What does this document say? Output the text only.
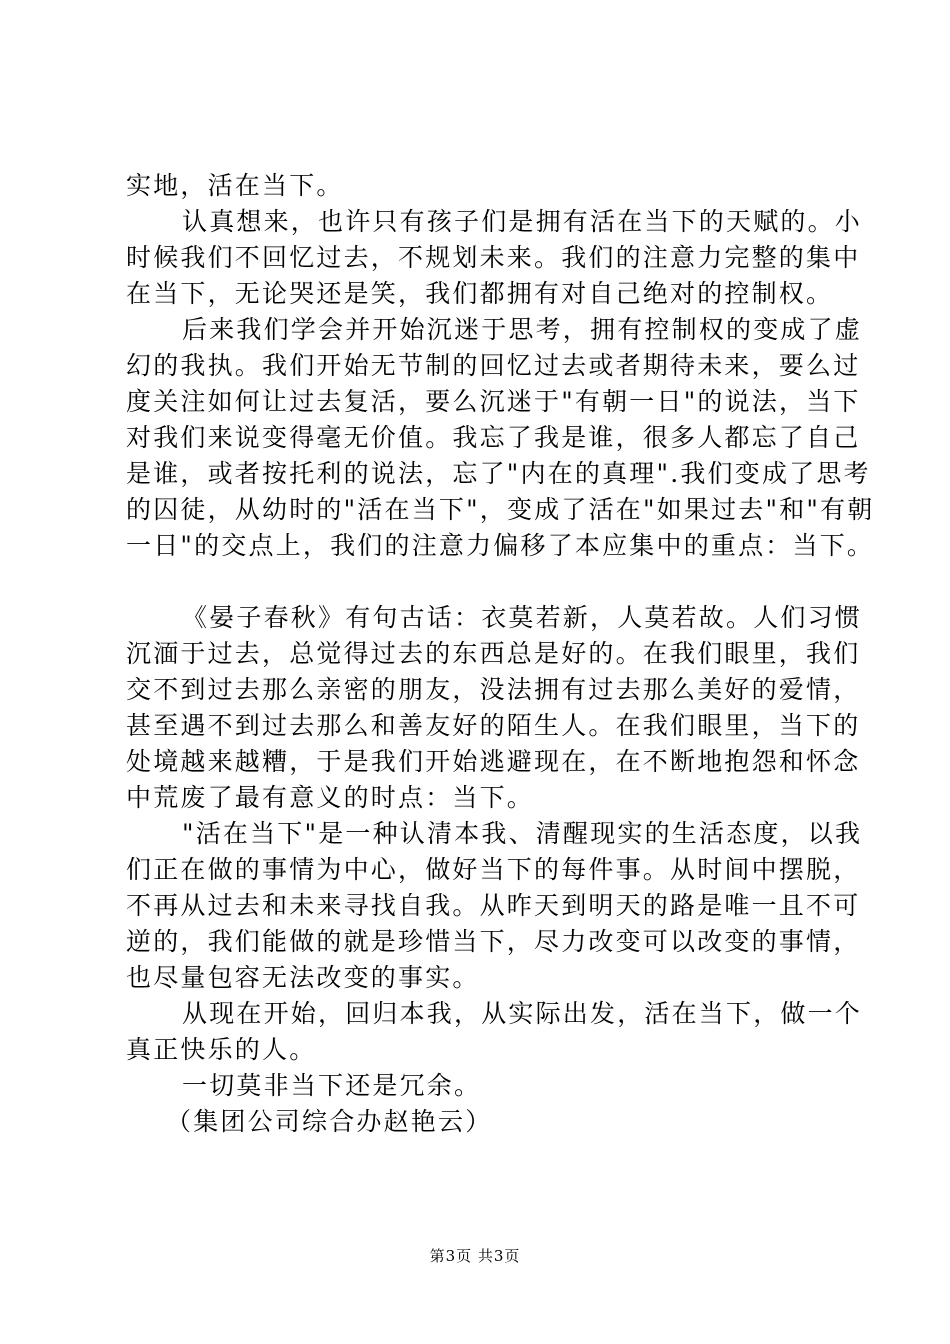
实地，活在当下。
认真想来，也许只有孩子们是拥有活在当下的天赋的。小
时候我们不回忆过去，不规划未来。我们的注意力完整的集中
在当下，无论哭还是笑，我们都拥有对自己绝对的控制权。
后来我们学会并开始沉迷于思考，拥有控制权的变成了虚
幻的我执。我们开始无节制的回忆过去或者期待未来，要么过
度关注如何让过去复活，要么沉迷于"有朝一日"的说法，当下
对我们来说变得毫无价值。我忘了我是谁，很多人都忘了自己
是谁，或者按托利的说法，忘了"内在的真理".我们变成了思考
的囚徒，从幼时的"活在当下"，变成了活在"如果过去"和"有朝
一日"的交点上，我们的注意力偏移了本应集中的重点：当下。
《晏子春秋》有句古话：衣莫若新，人莫若故。人们习惯
沉湎于过去，总觉得过去的东西总是好的。在我们眼里，我们
交不到过去那么亲密的朋友，没法拥有过去那么美好的爱情，
甚至遇不到过去那么和善友好的陌生人。在我们眼里，当下的
处境越来越糟，于是我们开始逃避现在，在不断地抱怨和怀念
中荒废了最有意义的时点：当下。
"活在当下"是一种认清本我、清醒现实的生活态度，以我
们正在做的事情为中心，做好当下的每件事。从时间中摆脱，
不再从过去和未来寻找自我。从昨天到明天的路是唯一且不可
逆的，我们能做的就是珍惜当下，尽力改变可以改变的事情，
也尽量包容无法改变的事实。
从现在开始，回归本我，从实际出发，活在当下，做一个
真正快乐的人。
一切莫非当下还是冗余。
（集团公司综合办赵艳云）
第3页 共3页
